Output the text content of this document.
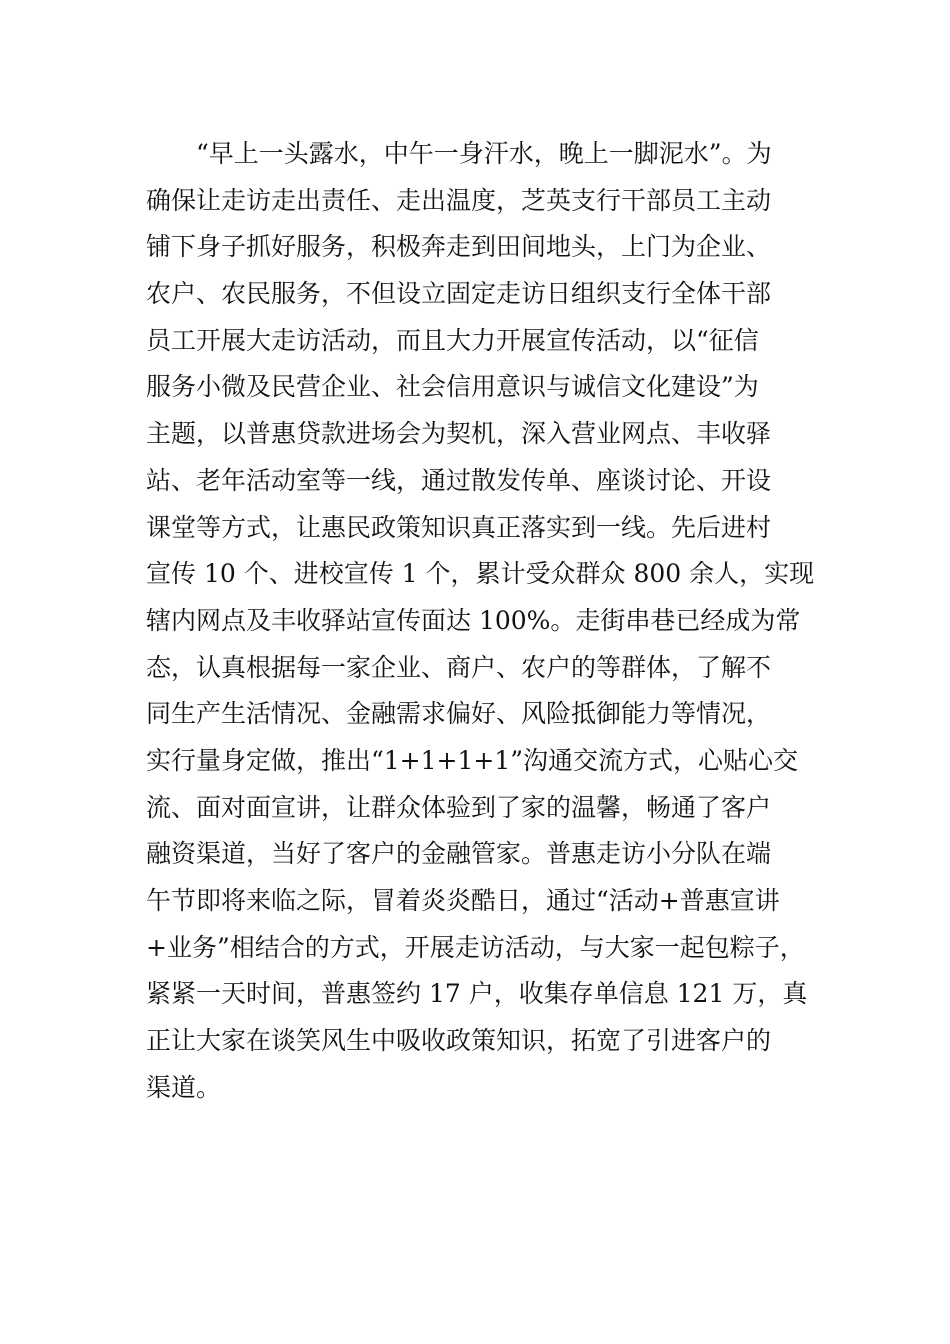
“早上一头露水，中午一身汗水，晚上一脚泥水”。为
确保让走访走出责任、走出温度，芝英支行干部员工主动
铺下身子抓好服务，积极奔走到田间地头，上门为企业、
农户、农民服务，不但设立固定走访日组织支行全体干部
员工开展大走访活动，而且大力开展宣传活动，以“征信
服务小微及民营企业、社会信用意识与诚信文化建设”为
主题，以普惠贷款进场会为契机，深入营业网点、丰收驿
站、老年活动室等一线，通过散发传单、座谈讨论、开设
课堂等方式，让惠民政策知识真正落实到一线。先后进村
宣传 10 个、进校宣传 1 个，累计受众群众 800 余人，实现
辖内网点及丰收驿站宣传面达 100%。走街串巷已经成为常
态，认真根据每一家企业、商户、农户的等群体，了解不
同生产生活情况、金融需求偏好、风险抵御能力等情况，
实行量身定做，推出“1+1+1+1”沟通交流方式，心贴心交
流、面对面宣讲，让群众体验到了家的温馨，畅通了客户
融资渠道，当好了客户的金融管家。普惠走访小分队在端
午节即将来临之际，冒着炎炎酷日，通过“活动+普惠宣讲
+业务”相结合的方式，开展走访活动，与大家一起包粽子，
紧紧一天时间，普惠签约 17 户，收集存单信息 121 万，真
正让大家在谈笑风生中吸收政策知识，拓宽了引进客户的
渠道。
